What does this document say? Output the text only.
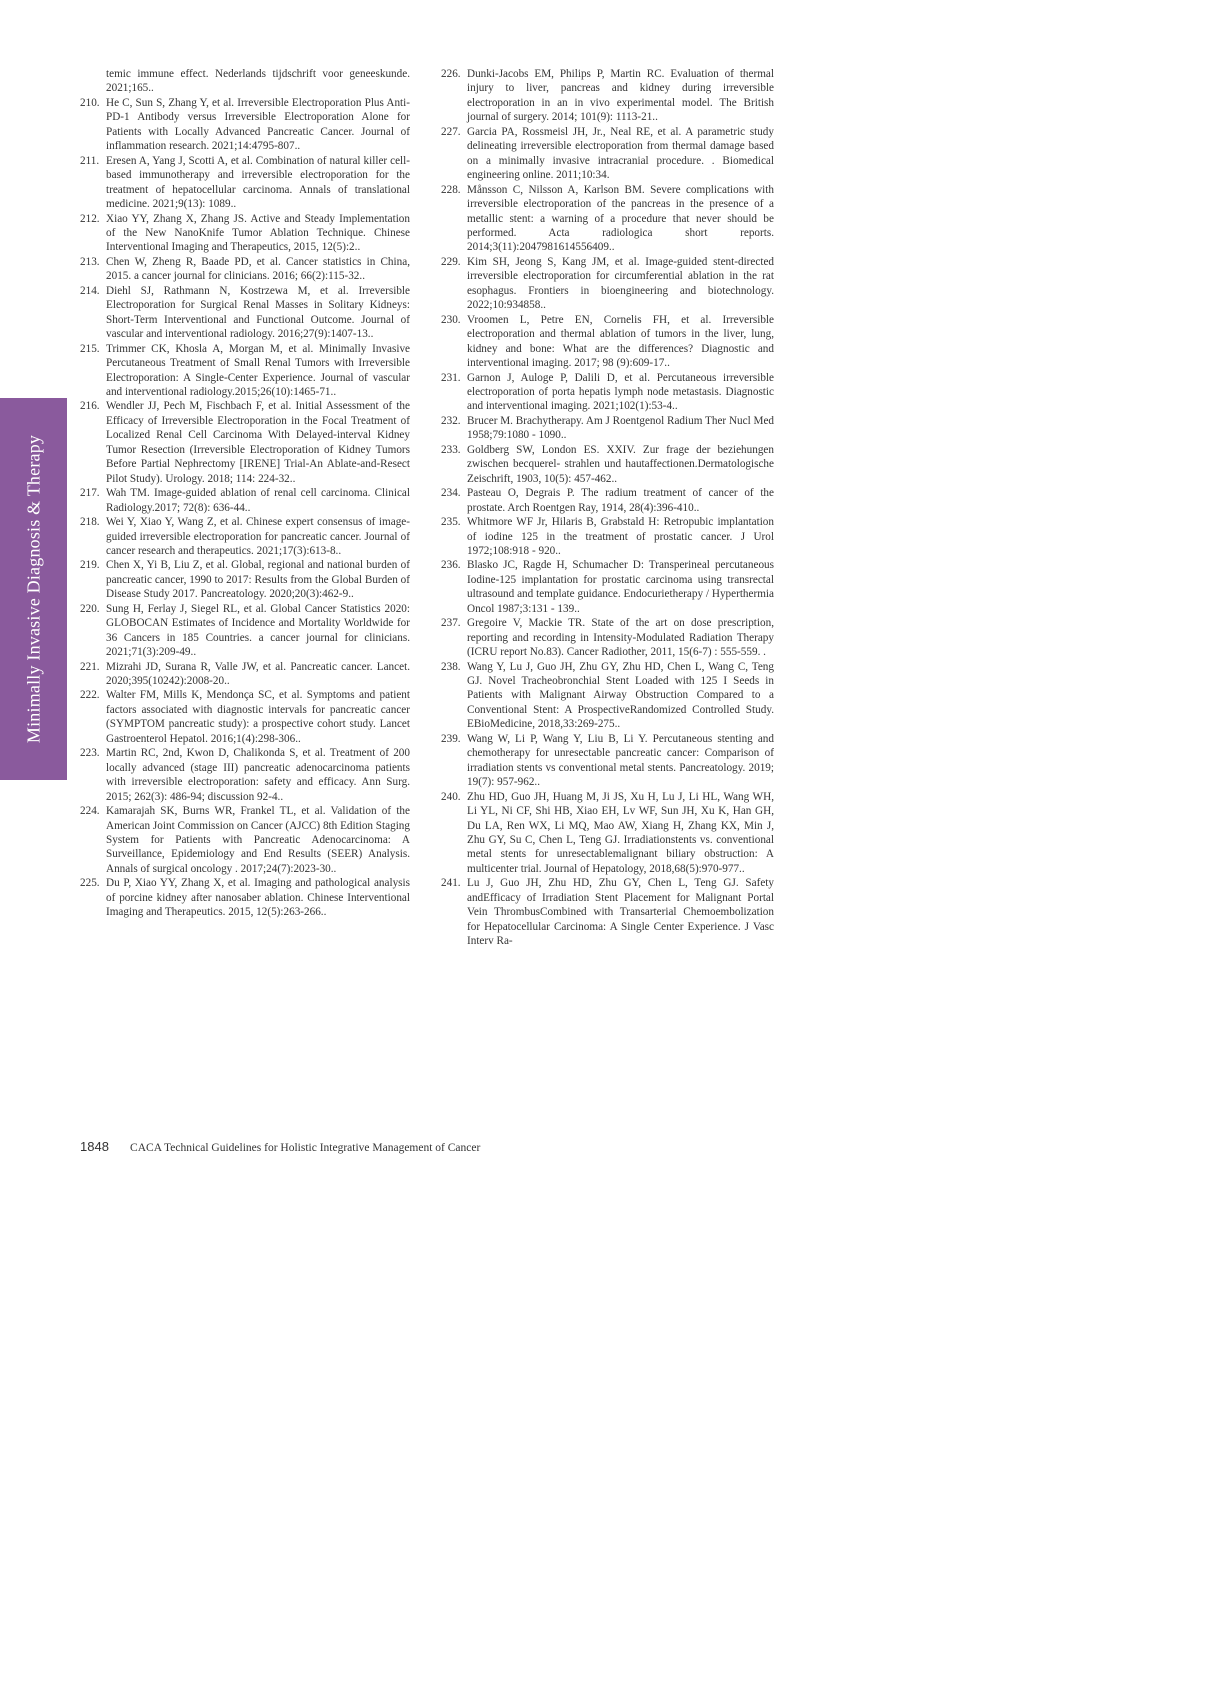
Minimally Invasive Diagnosis & Therapy
temic immune effect. Nederlands tijdschrift voor geneeskunde. 2021;165..
210. He C, Sun S, Zhang Y, et al. Irreversible Electroporation Plus Anti-PD-1 Antibody versus Irreversible Electroporation Alone for Patients with Locally Advanced Pancreatic Cancer. Journal of inflammation research. 2021;14:4795-807..
211. Eresen A, Yang J, Scotti A, et al. Combination of natural killer cell-based immunotherapy and irreversible electroporation for the treatment of hepatocellular carcinoma. Annals of translational medicine. 2021;9(13): 1089..
212. Xiao YY, Zhang X, Zhang JS. Active and Steady Implementation of the New NanoKnife Tumor Ablation Technique. Chinese Interventional Imaging and Therapeutics, 2015, 12(5):2..
213. Chen W, Zheng R, Baade PD, et al. Cancer statistics in China, 2015. a cancer journal for clinicians. 2016; 66(2):115-32..
214. Diehl SJ, Rathmann N, Kostrzewa M, et al. Irreversible Electroporation for Surgical Renal Masses in Solitary Kidneys: Short-Term Interventional and Functional Outcome. Journal of vascular and interventional radiology. 2016;27(9):1407-13..
215. Trimmer CK, Khosla A, Morgan M, et al. Minimally Invasive Percutaneous Treatment of Small Renal Tumors with Irreversible Electroporation: A Single-Center Experience. Journal of vascular and interventional radiology.2015;26(10):1465-71..
216. Wendler JJ, Pech M, Fischbach F, et al. Initial Assessment of the Efficacy of Irreversible Electroporation in the Focal Treatment of Localized Renal Cell Carcinoma With Delayed-interval Kidney Tumor Resection (Irreversible Electroporation of Kidney Tumors Before Partial Nephrectomy [IRENE] Trial-An Ablate-and-Resect Pilot Study). Urology. 2018; 114: 224-32..
217. Wah TM. Image-guided ablation of renal cell carcinoma. Clinical Radiology.2017; 72(8): 636-44..
218. Wei Y, Xiao Y, Wang Z, et al. Chinese expert consensus of image-guided irreversible electroporation for pancreatic cancer. Journal of cancer research and therapeutics. 2021;17(3):613-8..
219. Chen X, Yi B, Liu Z, et al. Global, regional and national burden of pancreatic cancer, 1990 to 2017: Results from the Global Burden of Disease Study 2017. Pancreatology. 2020;20(3):462-9..
220. Sung H, Ferlay J, Siegel RL, et al. Global Cancer Statistics 2020: GLOBOCAN Estimates of Incidence and Mortality Worldwide for 36 Cancers in 185 Countries. a cancer journal for clinicians. 2021;71(3):209-49..
221. Mizrahi JD, Surana R, Valle JW, et al. Pancreatic cancer. Lancet. 2020;395(10242):2008-20..
222. Walter FM, Mills K, Mendonça SC, et al. Symptoms and patient factors associated with diagnostic intervals for pancreatic cancer (SYMPTOM pancreatic study): a prospective cohort study. Lancet Gastroenterol Hepatol. 2016;1(4):298-306..
223. Martin RC, 2nd, Kwon D, Chalikonda S, et al. Treatment of 200 locally advanced (stage III) pancreatic adenocarcinoma patients with irreversible electroporation: safety and efficacy. Ann Surg. 2015; 262(3): 486-94; discussion 92-4..
224. Kamarajah SK, Burns WR, Frankel TL, et al. Validation of the American Joint Commission on Cancer (AJCC) 8th Edition Staging System for Patients with Pancreatic Adenocarcinoma: A Surveillance, Epidemiology and End Results (SEER) Analysis. Annals of surgical oncology . 2017;24(7):2023-30..
225. Du P, Xiao YY, Zhang X, et al. Imaging and pathological analysis of porcine kidney after nanosaber ablation. Chinese Interventional Imaging and Therapeutics. 2015, 12(5):263-266..
226. Dunki-Jacobs EM, Philips P, Martin RC. Evaluation of thermal injury to liver, pancreas and kidney during irreversible electroporation in an in vivo experimental model. The British journal of surgery. 2014; 101(9): 1113-21..
227. Garcia PA, Rossmeisl JH, Jr., Neal RE, et al. A parametric study delineating irreversible electroporation from thermal damage based on a minimally invasive intracranial procedure. . Biomedical engineering online. 2011;10:34.
228. Månsson C, Nilsson A, Karlson BM. Severe complications with irreversible electroporation of the pancreas in the presence of a metallic stent: a warning of a procedure that never should be performed. Acta radiologica short reports. 2014;3(11):2047981614556409..
229. Kim SH, Jeong S, Kang JM, et al. Image-guided stent-directed irreversible electroporation for circumferential ablation in the rat esophagus. Frontiers in bioengineering and biotechnology. 2022;10:934858..
230. Vroomen L, Petre EN, Cornelis FH, et al. Irreversible electroporation and thermal ablation of tumors in the liver, lung, kidney and bone: What are the differences? Diagnostic and interventional imaging. 2017; 98 (9):609-17..
231. Garnon J, Auloge P, Dalili D, et al. Percutaneous irreversible electroporation of porta hepatis lymph node metastasis. Diagnostic and interventional imaging. 2021;102(1):53-4..
232. Brucer M. Brachytherapy. Am J Roentgenol Radium Ther Nucl Med 1958;79:1080 - 1090..
233. Goldberg SW, London ES. XXIV. Zur frage der beziehungen zwischen becquerel- strahlen und hautaffectionen.Dermatologische Zeischrift, 1903, 10(5): 457-462..
234. Pasteau O, Degrais P. The radium treatment of cancer of the prostate. Arch Roentgen Ray, 1914, 28(4):396-410..
235. Whitmore WF Jr, Hilaris B, Grabstald H: Retropubic implantation of iodine 125 in the treatment of prostatic cancer. J Urol 1972;108:918 - 920..
236. Blasko JC, Ragde H, Schumacher D: Transperineal percutaneous Iodine-125 implantation for prostatic carcinoma using transrectal ultrasound and template guidance. Endocurietherapy / Hyperthermia Oncol 1987;3:131 - 139..
237. Gregoire V, Mackie TR. State of the art on dose prescription, reporting and recording in Intensity-Modulated Radiation Therapy (ICRU report No.83). Cancer Radiother, 2011, 15(6-7) : 555-559. .
238. Wang Y, Lu J, Guo JH, Zhu GY, Zhu HD, Chen L, Wang C, Teng GJ. Novel Tracheobronchial Stent Loaded with 125 I Seeds in Patients with Malignant Airway Obstruction Compared to a Conventional Stent: A ProspectiveRandomized Controlled Study. EBioMedicine, 2018,33:269-275..
239. Wang W, Li P, Wang Y, Liu B, Li Y. Percutaneous stenting and chemotherapy for unresectable pancreatic cancer: Comparison of irradiation stents vs conventional metal stents. Pancreatology. 2019; 19(7): 957-962..
240. Zhu HD, Guo JH, Huang M, Ji JS, Xu H, Lu J, Li HL, Wang WH, Li YL, Ni CF, Shi HB, Xiao EH, Lv WF, Sun JH, Xu K, Han GH, Du LA, Ren WX, Li MQ, Mao AW, Xiang H, Zhang KX, Min J, Zhu GY, Su C, Chen L, Teng GJ. Irradiationstents vs. conventional metal stents for unresectablemalignant biliary obstruction: A multicenter trial. Journal of Hepatology, 2018,68(5):970-977..
241. Lu J, Guo JH, Zhu HD, Zhu GY, Chen L, Teng GJ. Safety andEfficacy of Irradiation Stent Placement for Malignant Portal Vein ThrombusCombined with Transarterial Chemoembolization for Hepatocellular Carcinoma: A Single Center Experience. J Vasc Interv Ra-
1848 CACA Technical Guidelines for Holistic Integrative Management of Cancer
